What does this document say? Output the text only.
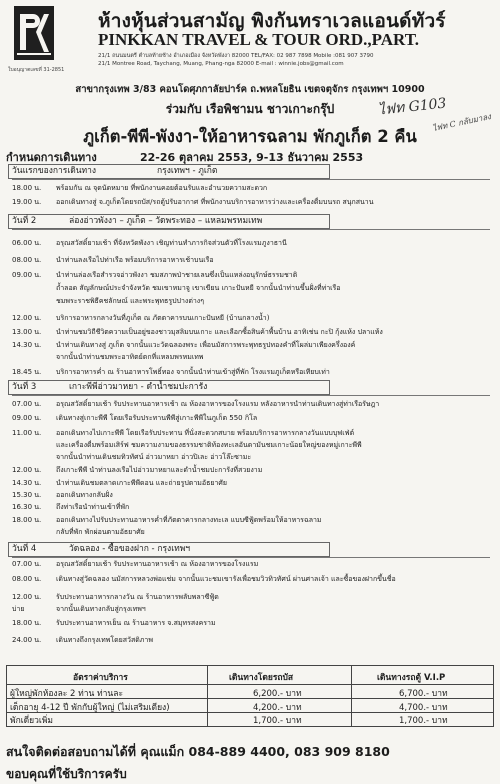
ห้างหุ้นส่วนสามัญ พิงกันทราเวลแอนด์ทัวร์
PINKKAN TRAVEL & TOUR ORD.,PART.
21/1 ถนนมนตรี ตำบลท้ายช้าง อำเภอเมือง จังหวัดพังงา 82000 TEL/FAX: 02 987 7898 Mobile :081 907 3790
21/1 Montree Road, Taychang, Muang, Phang-nga 82000 E-mail : winnie.jobs@gmail.com
ใบอนุญาตเลขที่ 31-2851
สาขากรุงเทพ 3/83 คอนโดศุภกาลัยปาร์ค ถ.พหลโยธิน เขตจตุจักร กรุงเทพฯ 10900
ร่วมกับ เรือพิชามน ชาวเกาะกรุ๊ป	ไฟท G103
ไฟท C กลับมาลง
ภูเก็ต-พีพี-พังงา-ให้อาหารฉลาม พักภูเก็ต 2 คืน
กำหนดการเดินทาง	22-26 ตุลาคม 2553, 9-13 ธันวาคม 2553
วันแรกของการเดินทาง	กรุงเทพฯ - ภูเก็ต
18.00 น.	พร้อมกัน ณ จุดนัดหมาย ที่พนักงานคอยต้อนรับและอำนวยความสะดวก
19.00 น.	ออกเดินทางสู่ จ.ภูเก็ตโดยรถบัส/รถตู้ปรับอากาศ ที่พนักงานบริการอาหารว่างและเครื่องดื่มบนรถ สนุกสนาน
วันที่ 2	ล่องอ่าวพังงา – ภูเก็ต – วัดพระทอง – แหลมพรหมเทพ
06.00 น.	อรุณสวัสดิ์ยามเช้า ที่จังหวัดพังงา เชิญท่านทำภารกิจส่วนตัวที่โรงแรมภูงาธานี
08.00 น.	นำท่านลงเรือไปท่าเรือ พร้อมบริการอาหารเช้าบนเรือ
09.00 น.	นำท่านล่องเรือสำรวจอ่าวพังงา ชมสภาพป่าชายเลนซึ่งเป็นแหล่งอนุรักษ์ธรรมชาติ
ถ้ำลอด สัญลักษณ์ประจำจังหวัด ชมเขาหมาจู เขาเขียน เกาะปันหยี จากนั้นนำท่านขึ้นฝั่งที่ท่าเรือ
ชมพระราชพิธีคชลักษณ์ และพระพุทธรูปปางต่างๆ
12.00 น.	บริการอาหารกลางวันที่ภูเก็ต ณ ภัตตาคารบนเกาะปันหยี (บ้านกลางน้ำ)
13.00 น.	นำท่านชมวิถีชีวิตความเป็นอยู่ของชาวมุสลิมบนเกาะ และเลือกซื้อสินค้าพื้นบ้าน อาทิเช่น กะปิ กุ้งแห้ง ปลาแห้ง
14.30 น.	นำท่านเดินทางสู่ ภูเก็ต จากนั้นแวะวัดฉลองพระ เพื่อนมัสการพระพุทธรูปทองคำที่โผล่มาเพียงครึ่งองค์
จากนั้นนำท่านชมพระอาทิตย์ตกที่แหลมพรหมเทพ
18.45 น.	บริการอาหารค่ำ ณ ร้านอาหารโพธิ์ทอง จากนั้นนำท่านเข้าสู่ที่พัก โรงแรมภูเก็ตหรือเทียบเท่า
วันที่ 3	เกาะพีพีอ่าวมาหยา - ดำน้ำชมปะการัง
07.00 น.	อรุณสวัสดิ์ยามเช้า รับประทานอาหารเช้า ณ ห้องอาหารของโรงแรม หลังอาหารนำท่านเดินทางสู่ท่าเรือรัษฎา
09.00 น.	เดินทางสู่เกาะพีพี โดยเรือรับประทานพีพีสู่เกาะพีพีในภูเก็ต 550 กิโล
11.00 น.	ออกเดินทางไปเกาะพีพี โดยเรือรับประทาน ที่นั่งสะดวกสบาย พร้อมบริการอาหารกลางวันแบบบุฟเฟ่ต์
และเครื่องดื่มพร้อมเสิร์ฟ ชมความงามของธรรมชาติท้องทะเลอันดามันชมเกาะน้อยใหญ่ของหมู่เกาะพีพี
จากนั้นนำท่านเดินชมทิวทัศน์ อ่าวมาหยา อ่าวปิเละ อ่าวโล๊ะซามะ
12.00 น.	ถึงเกาะพีพี นำท่านลงเรือไปอ่าวมาหยาและดำน้ำชมปะการังที่สวยงาม
14.30 น.	นำท่านเดินชมตลาดเกาะพีพีดอน และถ่ายรูปตามอัธยาศัย
15.30 น.	ออกเดินทางกลับฝั่ง
16.30 น.	ถึงท่าเรือนำท่านเข้าที่พัก
18.00 น.	ออกเดินทางไปรับประทานอาหารค่ำที่ภัตตาคารกลางทะเล แบบซีฟู้ดพร้อมให้อาหารฉลาม
กลับที่พัก พักผ่อนตามอัธยาศัย
วันที่ 4	วัดฉลอง - ซื้อของฝาก - กรุงเทพฯ
07.00 น.	อรุณสวัสดิ์ยามเช้า รับประทานอาหารเช้า ณ ห้องอาหารของโรงแรม
08.00 น.	เดินทางสู่วัดฉลอง นมัสการหลวงพ่อแช่ม จากนั้นแวะชมเขารังเพื่อชมวิวทิวทัศน์ ผ่านศาลเจ้า และซื้อของฝากขึ้นชื่อ
12.00 น.	รับประทานอาหารกลางวัน ณ ร้านอาหารพลับพลาซีฟู้ด
บ่าย	จากนั้นเดินทางกลับสู่กรุงเทพฯ
18.00 น.	รับประทานอาหารเย็น ณ ร้านอาหาร จ.สมุทรสงคราม
24.00 น.	เดินทางถึงกรุงเทพโดยสวัสดิภาพ
อัตราค่าบริการ	เดินทางโดยรถบัส	เดินทางรถตู้ V.I.P
ผู้ใหญ่พักห้องละ 2 ท่าน ท่านละ	6,200.- บาท	6,700.- บาท
เด็กอายุ 4-12 ปี พักกับผู้ใหญ่ (ไม่เสริมเตียง)	4,200.- บาท	4,700.- บาท
พักเดี่ยวเพิ่ม	1,700.- บาท	1,700.- บาท
สนใจติดต่อสอบถามได้ที่ คุณแม็ก 084-889 4400, 083 909 8180
ขอบคุณที่ใช้บริการครับ
